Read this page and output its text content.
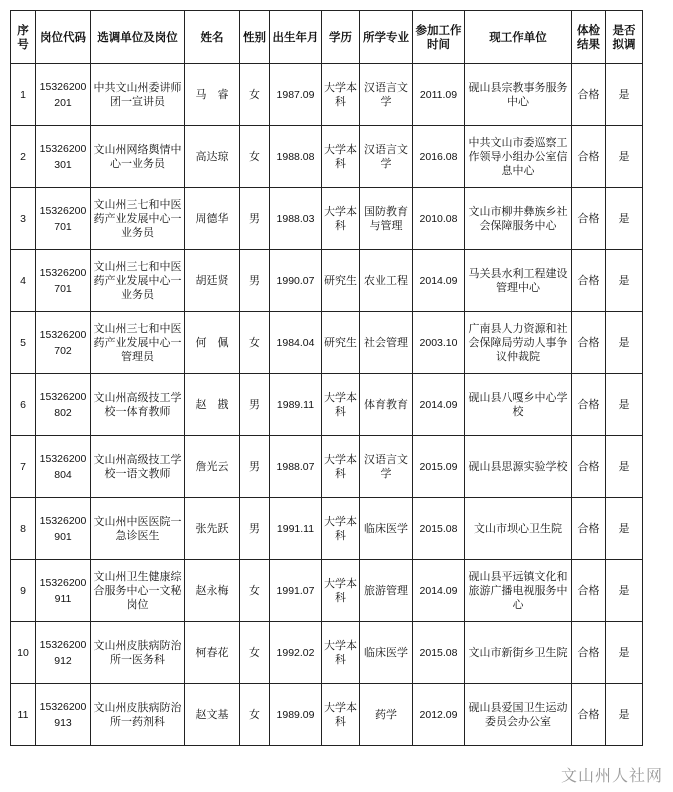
序号	岗位代码	选调单位及岗位	姓名	性别	出生年月	学历	所学专业	参加工作时间	现工作单位	体检结果	是否拟调
1	15326200201	中共文山州委讲师团一宣讲员	马　睿	女	1987.09	大学本科	汉语言文学	2011.09	砚山县宗教事务服务中心	合格	是
2	15326200301	文山州网络舆情中心一业务员	高达琼	女	1988.08	大学本科	汉语言文学	2016.08	中共文山市委巡察工作领导小组办公室信息中心	合格	是
3	15326200701	文山州三七和中医药产业发展中心一业务员	周德华	男	1988.03	大学本科	国防教育与管理	2010.08	文山市柳井彝族乡社会保障服务中心	合格	是
4	15326200701	文山州三七和中医药产业发展中心一业务员	胡廷贤	男	1990.07	研究生	农业工程	2014.09	马关县水利工程建设管理中心	合格	是
5	15326200702	文山州三七和中医药产业发展中心一管理员	何　佩	女	1984.04	研究生	社会管理	2003.10	广南县人力资源和社会保障局劳动人事争议仲裁院	合格	是
6	15326200802	文山州高级技工学校一体育教师	赵　戡	男	1989.11	大学本科	体育教育	2014.09	砚山县八嘎乡中心学校	合格	是
7	15326200804	文山州高级技工学校一语文教师	詹光云	男	1988.07	大学本科	汉语言文学	2015.09	砚山县思源实验学校	合格	是
8	15326200901	文山州中医医院一急诊医生	张先跃	男	1991.11	大学本科	临床医学	2015.08	文山市坝心卫生院	合格	是
9	15326200911	文山州卫生健康综合服务中心一文秘岗位	赵永梅	女	1991.07	大学本科	旅游管理	2014.09	砚山县平远镇文化和旅游广播电视服务中心	合格	是
10	15326200912	文山州皮肤病防治所一医务科	柯春花	女	1992.02	大学本科	临床医学	2015.08	文山市新街乡卫生院	合格	是
11	15326200913	文山州皮肤病防治所一药剂科	赵文基	女	1989.09	大学本科	药学	2012.09	砚山县爱国卫生运动委员会办公室	合格	是
文山州人社网
